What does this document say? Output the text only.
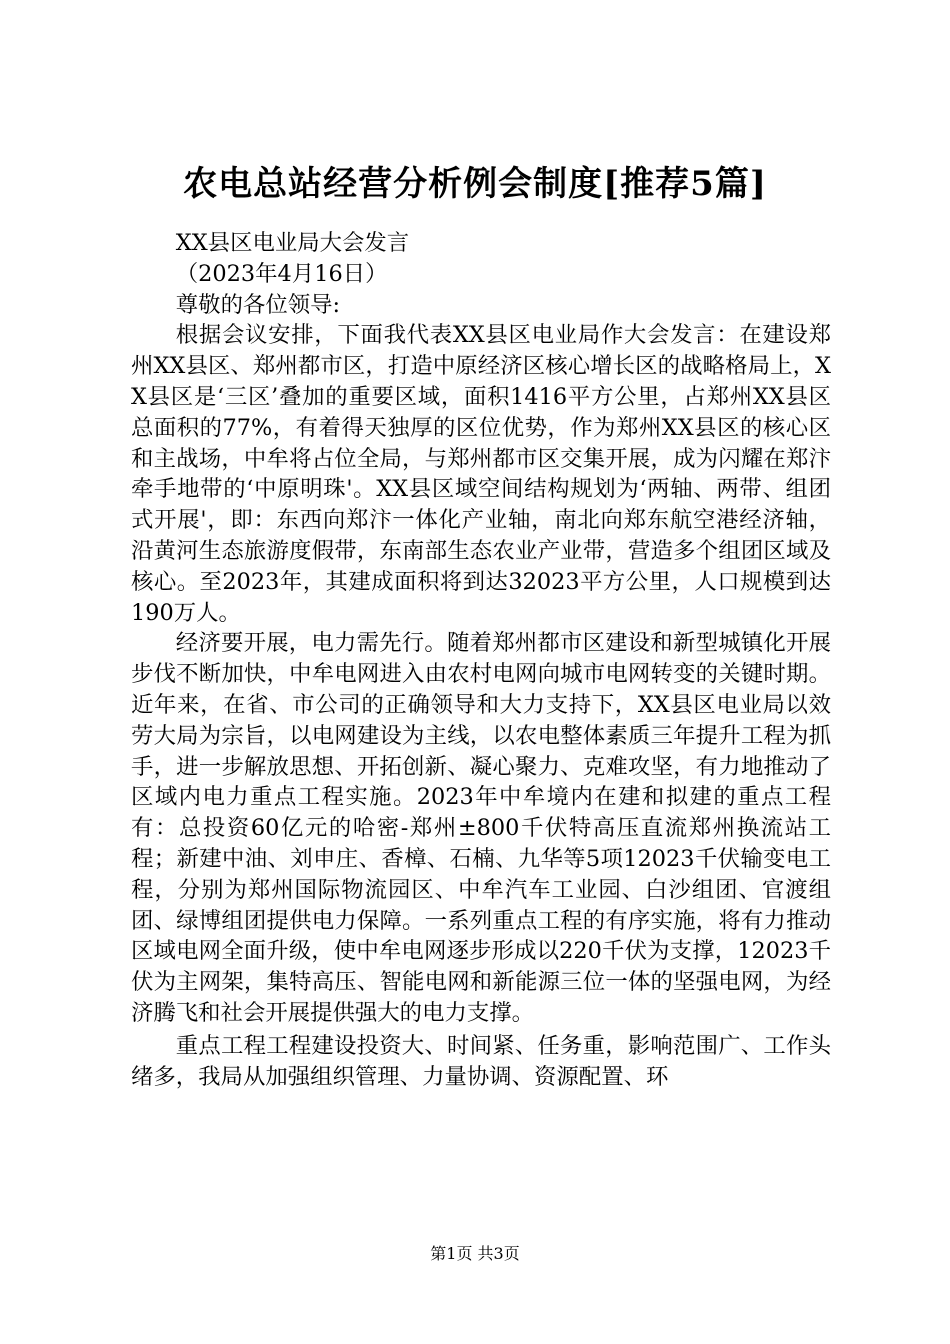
农电总站经营分析例会制度[推荐5篇]

XX县区电业局大会发言

（2023年4月16日）

尊敬的各位领导:

根据会议安排，下面我代表XX县区电业局作大会发言：在建设郑州XX县区、郑州都市区，打造中原经济区核心增长区的战略格局上，XX县区是‘三区’叠加的重要区域，面积1416平方公里，占郑州XX县区总面积的77%，有着得天独厚的区位优势，作为郑州XX县区的核心区和主战场，中牟将占位全局，与郑州都市区交集开展，成为闪耀在郑汴牵手地带的‘中原明珠'。XX县区域空间结构规划为‘两轴、两带、组团式开展'，即：东西向郑汴一体化产业轴，南北向郑东航空港经济轴，沿黄河生态旅游度假带，东南部生态农业产业带，营造多个组团区域及核心。至2023年，其建成面积将到达32023平方公里，人口规模到达190万人。

经济要开展，电力需先行。随着郑州都市区建设和新型城镇化开展步伐不断加快，中牟电网进入由农村电网向城市电网转变的关键时期。近年来，在省、市公司的正确领导和大力支持下，XX县区电业局以效劳大局为宗旨，以电网建设为主线，以农电整体素质三年提升工程为抓手，进一步解放思想、开拓创新、凝心聚力、克难攻坚，有力地推动了区域内电力重点工程实施。2023年中牟境内在建和拟建的重点工程有：总投资60亿元的哈密-郑州±800千伏特高压直流郑州换流站工程；新建中油、刘申庄、香樟、石楠、九华等5项12023千伏输变电工程，分别为郑州国际物流园区、中牟汽车工业园、白沙组团、官渡组团、绿博组团提供电力保障。一系列重点工程的有序实施，将有力推动区域电网全面升级，使中牟电网逐步形成以220千伏为支撑，12023千伏为主网架，集特高压、智能电网和新能源三位一体的坚强电网，为经济腾飞和社会开展提供强大的电力支撑。

重点工程工程建设投资大、时间紧、任务重，影响范围广、工作头绪多，我局从加强组织管理、力量协调、资源配置、环

第1页 共3页
